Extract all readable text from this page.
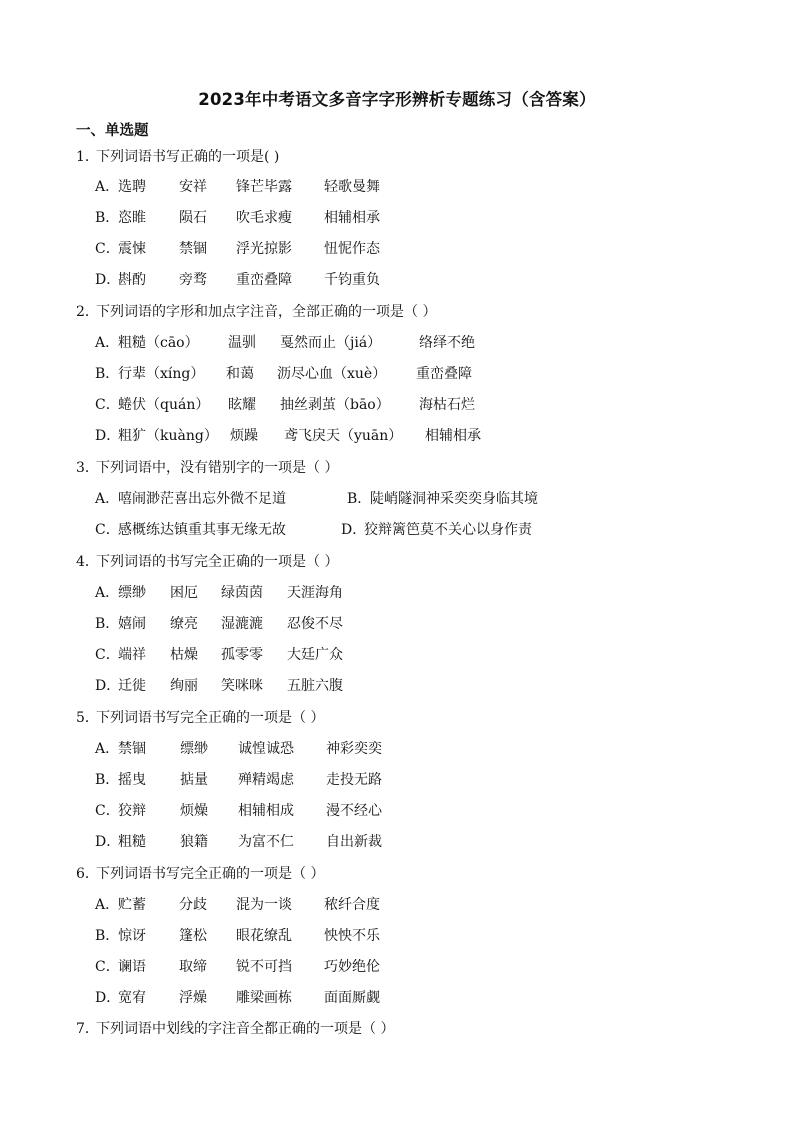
2023年中考语文多音字字形辨析专题练习（含答案）
一、单选题
1．下列词语书写正确的一项是( )
A．选聘 安祥 锋芒毕露 轻歌曼舞
B．恣睢 陨石 吹毛求瘦 相辅相承
C．震悚 禁锢 浮光掠影 忸怩作态
D．斟酌 旁骛 重峦叠障 千钧重负
2．下列词语的字形和加点字注音，全部正确的一项是（ ）
A．粗糙（cāo） 温驯 戛然而止（jiá）	络绎不绝
B．行辈（xíng） 和蔼 沥尽心血（xuè） 重峦叠障
C．蜷伏（quán） 眩耀 抽丝剥茧（bāo） 海枯石烂
D．粗犷（kuàng） 烦躁 鸢飞戾天（yuān） 相辅相承
3．下列词语中，没有错别字的一项是（ ）
A．嘻闹渺茫喜出忘外微不足道	B．陡峭隧洞神采奕奕身临其境
C．感概练达镇重其事无缘无故	D．狡辩篱笆莫不关心以身作责
4．下列词语的书写完全正确的一项是（ ）
A．缥缈 困厄 绿茵茵 天涯海角
B．嬉闹 缭亮 湿漉漉 忍俊不尽
C．端祥 枯燥 孤零零 大廷广众
D．迁徙 绚丽 笑咪咪 五脏六腹
5．下列词语书写完全正确的一项是（ ）
A．禁锢 缥缈 诚惶诚恐 神彩奕奕
B．摇曳 掂量 殚精竭虑 走投无路
C．狡辩 烦燥 相辅相成 漫不经心
D．粗糙 狼籍 为富不仁 自出新裁
6．下列词语书写完全正确的一项是（ ）
A．贮蓄 分歧 混为一谈 秾纤合度
B．惊讶 篷松 眼花缭乱 怏怏不乐
C．谰语 取缔 锐不可挡 巧妙绝伦
D．宽宥 浮燥 雕梁画栋 面面厮觑
7．下列词语中划线的字注音全都正确的一项是（ ）
